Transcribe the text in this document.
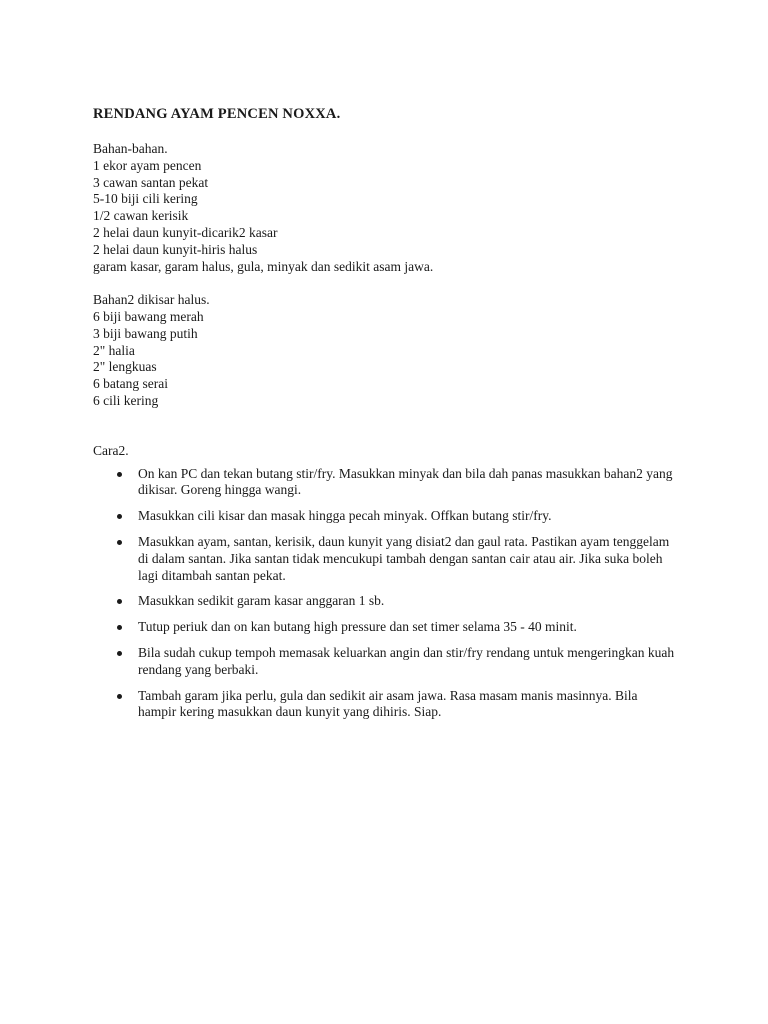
RENDANG AYAM PENCEN NOXXA.

Bahan-bahan.

1 ekor ayam pencen
3 cawan santan pekat
5-10 biji cili kering
1/2 cawan kerisik
2 helai daun kunyit-dicarik2 kasar
2 helai daun kunyit-hiris halus
garam kasar, garam halus, gula, minyak dan sedikit asam jawa.

Bahan2 dikisar halus.

6 biji bawang merah
3 biji bawang putih
2" halia
2" lengkuas
6 batang serai
6 cili kering

Cara2.

On kan PC dan tekan butang stir/fry. Masukkan minyak dan bila dah panas masukkan bahan2 yang dikisar. Goreng hingga wangi.
Masukkan cili kisar dan masak hingga pecah minyak. Offkan butang stir/fry.
Masukkan ayam, santan, kerisik, daun kunyit yang disiat2 dan gaul rata. Pastikan ayam tenggelam di dalam santan. Jika santan tidak mencukupi tambah dengan santan cair atau air. Jika suka boleh lagi ditambah santan pekat.
Masukkan sedikit garam kasar anggaran 1 sb.
Tutup periuk dan on kan butang high pressure dan set timer selama 35 - 40 minit.
Bila sudah cukup tempoh memasak keluarkan angin dan stir/fry rendang untuk mengeringkan kuah rendang yang berbaki.
Tambah garam jika perlu, gula dan sedikit air asam jawa. Rasa masam manis masinnya. Bila hampir kering masukkan daun kunyit yang dihiris. Siap.
